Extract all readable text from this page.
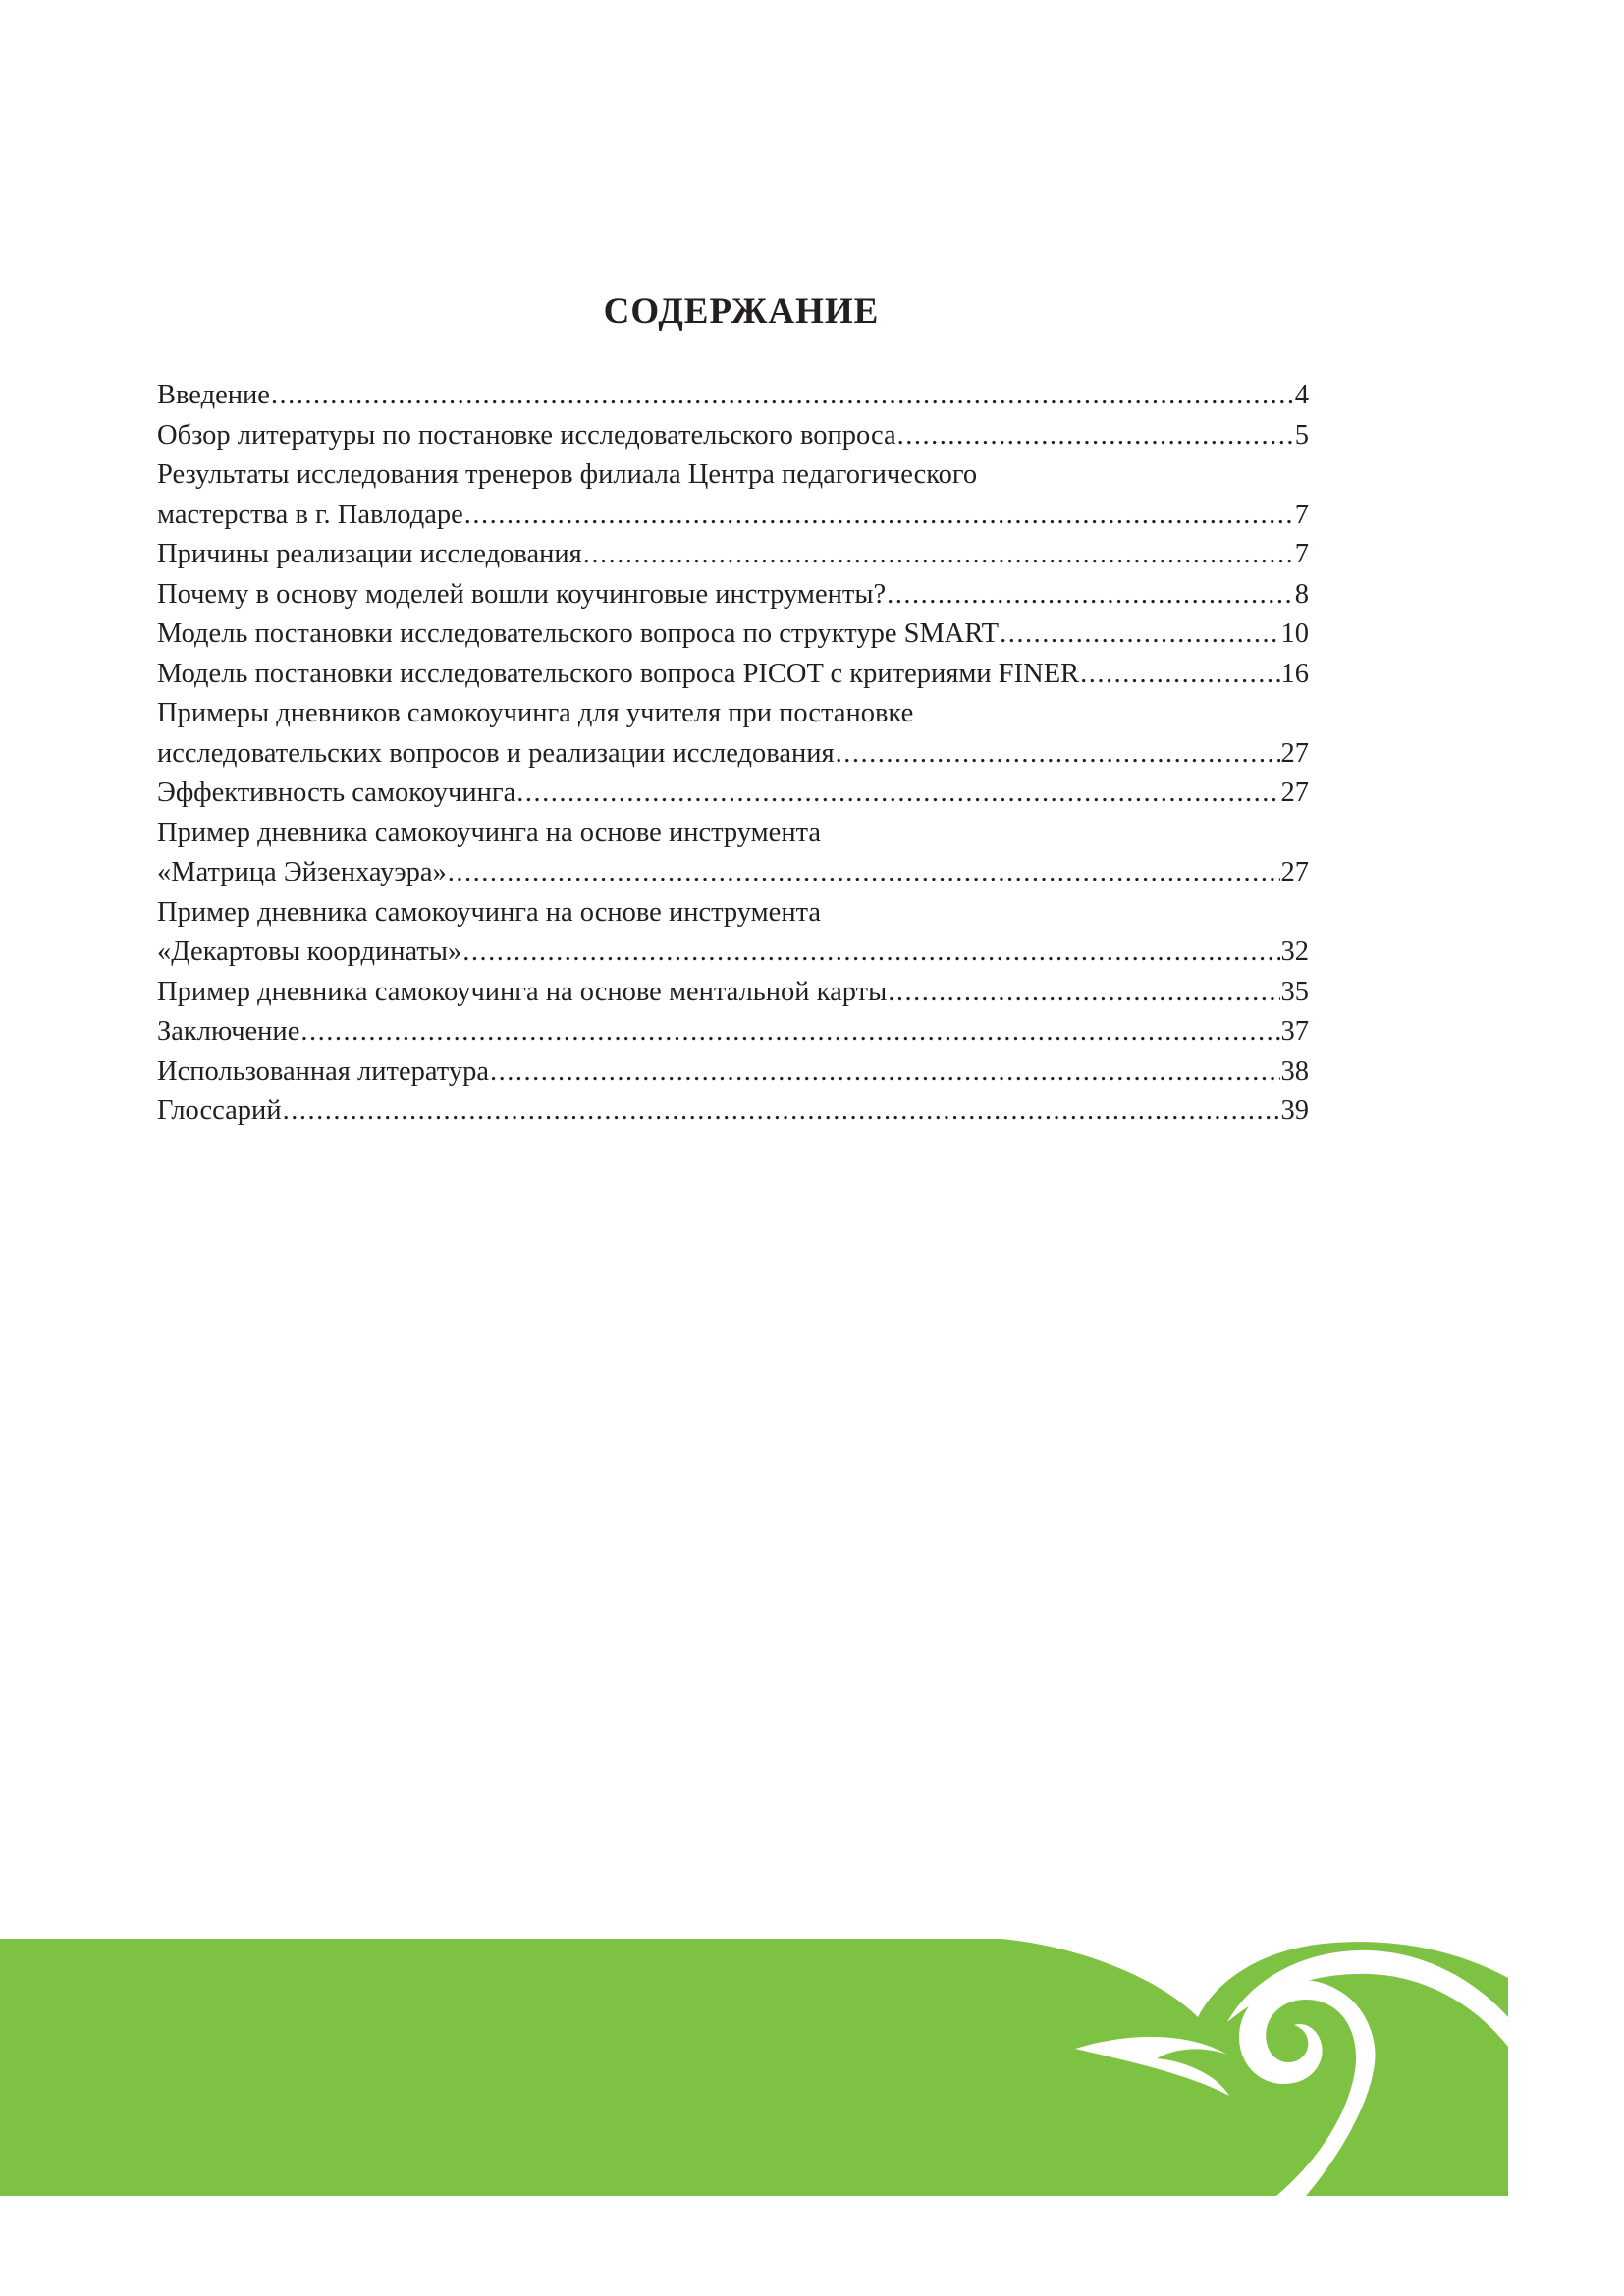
СОДЕРЖАНИЕ
Введение .....	4
Обзор литературы по постановке исследовательского вопроса .....	5
Результаты исследования тренеров филиала Центра педагогического
мастерства в г. Павлодаре .....	7
Причины реализации исследования .....	7
Почему в основу моделей вошли коучинговые инструменты? .....	8
Модель постановки исследовательского вопроса по структуре SMART .....	10
Модель постановки исследовательского вопроса PICOT с критериями FINER .....	16
Примеры дневников самокоучинга для учителя при постановке
исследовательских вопросов и реализации исследования .....	27
Эффективность самокоучинга .....	27
Пример дневника самокоучинга на основе инструмента
«Матрица Эйзенхауэра» .....	27
Пример дневника самокоучинга на основе инструмента
«Декартовы координаты» .....	32
Пример дневника самокоучинга на основе ментальной карты .....	35
Заключение .....	37
Использованная литература .....	38
Глоссарий .....	39
